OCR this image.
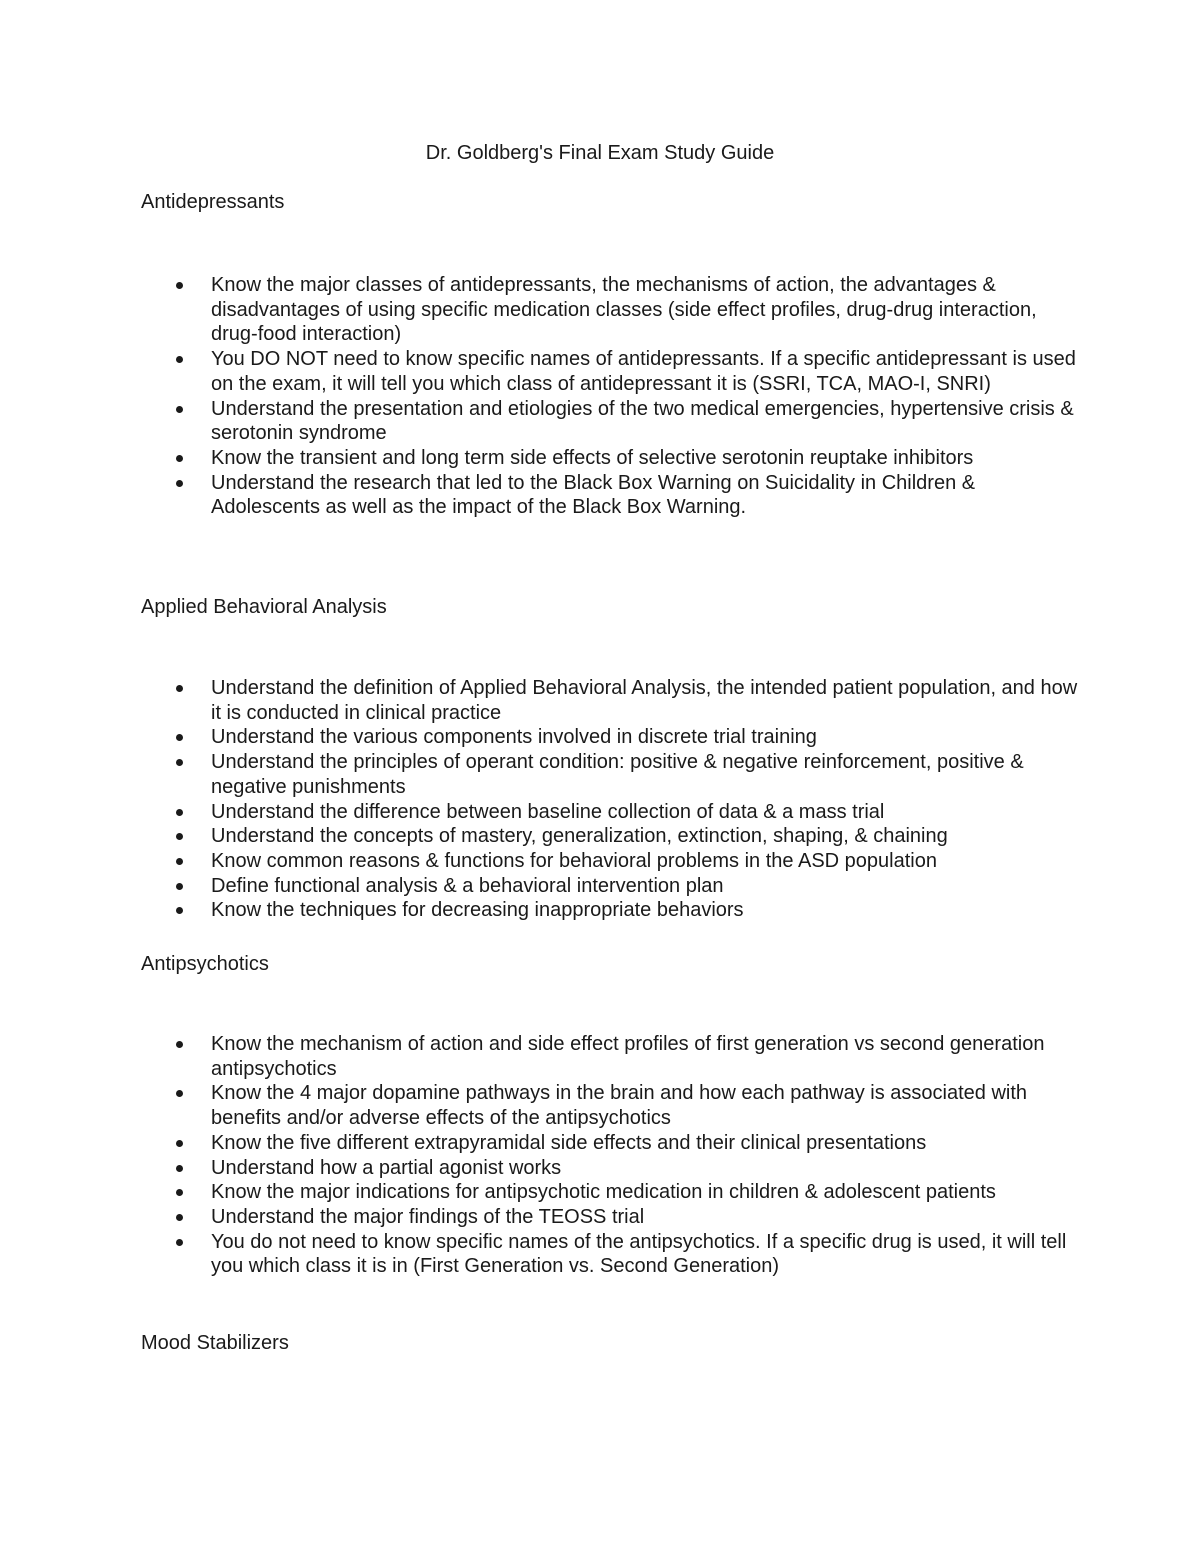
Dr. Goldberg's Final Exam Study Guide
Antidepressants
Know the major classes of antidepressants, the mechanisms of action, the advantages & disadvantages of using specific medication classes (side effect profiles, drug-drug interaction, drug-food interaction)
You DO NOT need to know specific names of antidepressants. If a specific antidepressant is used on the exam, it will tell you which class of antidepressant it is (SSRI, TCA, MAO-I, SNRI)
Understand the presentation and etiologies of the two medical emergencies, hypertensive crisis & serotonin syndrome
Know the transient and long term side effects of selective serotonin reuptake inhibitors
Understand the research that led to the Black Box Warning on Suicidality in Children & Adolescents as well as the impact of the Black Box Warning.
Applied Behavioral Analysis
Understand the definition of Applied Behavioral Analysis, the intended patient population, and how it is conducted in clinical practice
Understand the various components involved in discrete trial training
Understand the principles of operant condition: positive & negative reinforcement, positive & negative punishments
Understand the difference between baseline collection of data & a mass trial
Understand the concepts of mastery, generalization, extinction, shaping, & chaining
Know common reasons & functions for behavioral problems in the ASD population
Define functional analysis & a behavioral intervention plan
Know the techniques for decreasing inappropriate behaviors
Antipsychotics
Know the mechanism of action and side effect profiles of first generation vs second generation antipsychotics
Know the 4 major dopamine pathways in the brain and how each pathway is associated with benefits and/or adverse effects of the antipsychotics
Know the five different extrapyramidal side effects and their clinical presentations
Understand how a partial agonist works
Know the major indications for antipsychotic medication in children & adolescent patients
Understand the major findings of the TEOSS trial
You do not need to know specific names of the antipsychotics. If a specific drug is used, it will tell you which class it is in (First Generation vs. Second Generation)
Mood Stabilizers
